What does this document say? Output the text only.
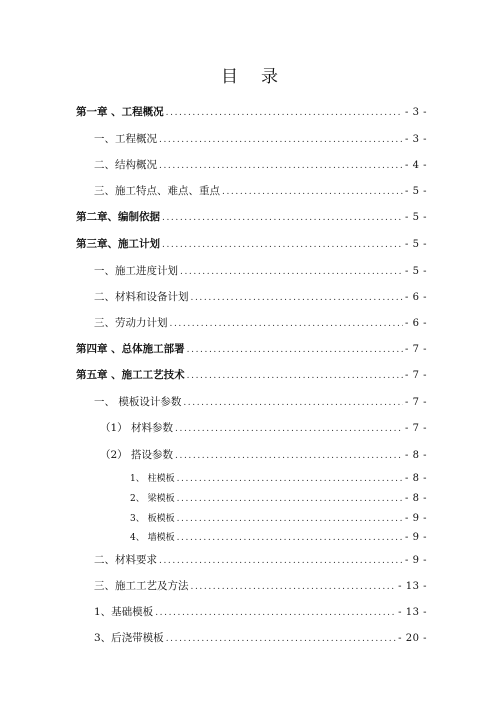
目 录
第一章 、工程概况 .....	- 3 -
一、工程概况 .....	- 3 -
二、结构概况 .....	- 4 -
三、施工特点、难点、重点 .....	- 5 -
第二章、编制依据 .....	- 5 -
第三章、施工计划 .....	- 5 -
一、施工进度计划 .....	- 5 -
二、材料和设备计划 .....	- 6 -
三、劳动力计划 .....	- 6 -
第四章 、总体施工部署 .....	- 7 -
第五章 、施工工艺技术 .....	- 7 -
一、 模板设计参数 .....	- 7 -
（1） 材料参数 .....	- 7 -
（2） 搭设参数 .....	- 8 -
1、 柱模板 .....	- 8 -
2、 梁模板 .....	- 8 -
3、 板模板 .....	- 9 -
4、 墙模板 .....	- 9 -
二、材料要求 .....	- 9 -
三、施工工艺及方法 .....	- 13 -
1、基础模板 .....	- 13 -
3、后浇带模板 .....	- 20 -
